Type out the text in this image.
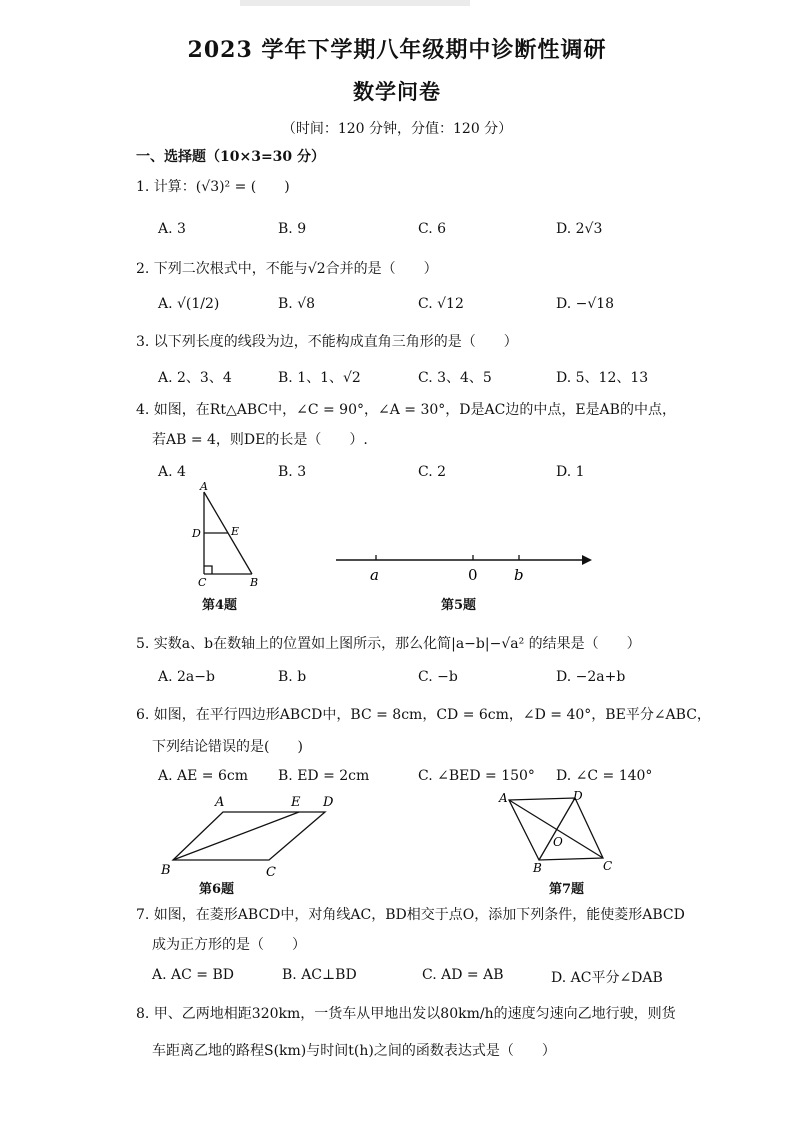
2023 学年下学期八年级期中诊断性调研
数学问卷
（时间：120 分钟，分值：120 分）
一、选择题（10×3=30 分）
1. 计算：(√3)² = (　　)
A. 3	B. 9	C. 6	D. 2√3
2. 下列二次根式中，不能与√2合并的是（　　）
A. √(1/2)	B. √8	C. √12	D. −√18
3. 以下列长度的线段为边，不能构成直角三角形的是（　　）
A. 2、3、4	B. 1、1、√2	C. 3、4、5	D. 5、12、13
4. 如图，在Rt△ABC中，∠C = 90°，∠A = 30°，D是AC边的中点，E是AB的中点，
若AB = 4，则DE的长是（　　）.
A. 4	B. 3	C. 2	D. 1
A
D	E
C	B
第4题
a	0 b
第5题
5. 实数a、b在数轴上的位置如上图所示，那么化简|a−b|−√a² 的结果是（　　）
A. 2a−b	B. b	C. −b	D. −2a+b
6. 如图，在平行四边形ABCD中，BC = 8cm，CD = 6cm，∠D = 40°，BE平分∠ABC，
下列结论错误的是(　　)
A. AE = 6cm B. ED = 2cm	C. ∠BED = 150° D. ∠C = 140°
A	E D
B	C
第6题
A	D
O
B	C
第7题
7. 如图，在菱形ABCD中，对角线AC，BD相交于点O，添加下列条件，能使菱形ABCD
成为正方形的是（　　）
A. AC = BD	B. AC⊥BD	C. AD = AB	D. AC平分∠DAB
8. 甲、乙两地相距320km，一货车从甲地出发以80km/h的速度匀速向乙地行驶，则货
车距离乙地的路程S(km)与时间t(h)之间的函数表达式是（　　）
